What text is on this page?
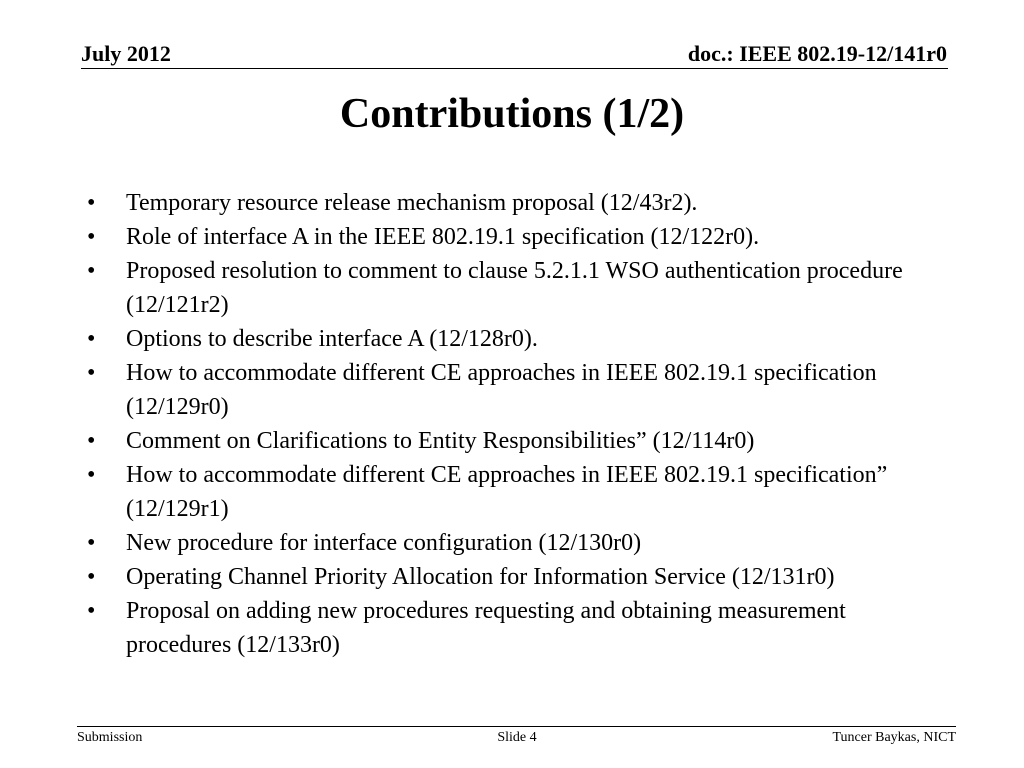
July 2012	doc.: IEEE 802.19-12/141r0
Contributions (1/2)
• Temporary resource release mechanism proposal (12/43r2).
• Role of interface A in the IEEE 802.19.1 specification (12/122r0).
• Proposed resolution to comment to clause 5.2.1.1 WSO authentication procedure (12/121r2)
• Options to describe interface A (12/128r0).
• How to accommodate different CE approaches in IEEE 802.19.1 specification (12/129r0)
• Comment on Clarifications to Entity Responsibilities” (12/114r0)
• How to accommodate different CE approaches in IEEE 802.19.1 specification” (12/129r1)
• New procedure for interface configuration (12/130r0)
• Operating Channel Priority Allocation for Information Service (12/131r0)
• Proposal on adding new procedures requesting and obtaining measurement procedures (12/133r0)
Submission	Slide 4	Tuncer Baykas, NICT
